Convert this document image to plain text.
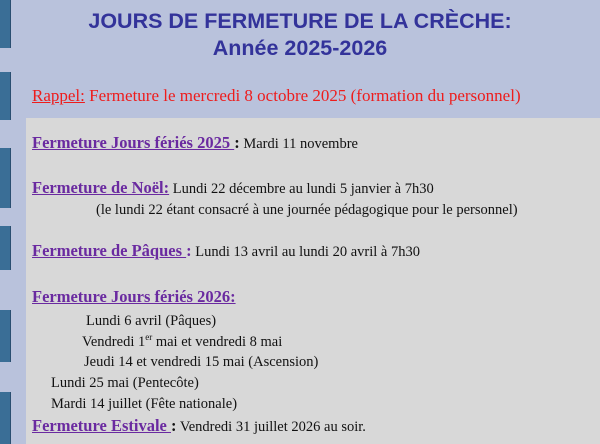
JOURS DE FERMETURE DE LA CRÈCHE:
Année 2025-2026
Rappel: Fermeture le mercredi 8 octobre 2025 (formation du personnel)
Fermeture Jours fériés 2025 : Mardi 11 novembre
Fermeture de Noël: Lundi 22 décembre au lundi 5 janvier à 7h30
(le lundi 22 étant consacré à une journée pédagogique pour le personnel)
Fermeture de Pâques : Lundi 13 avril au lundi 20 avril à 7h30
Fermeture Jours fériés 2026:
Lundi 6 avril (Pâques)
Vendredi 1er mai et vendredi 8 mai
Jeudi 14 et vendredi 15 mai (Ascension)
Lundi 25 mai (Pentecôte)
Mardi 14 juillet (Fête nationale)
Fermeture Estivale : Vendredi 31 juillet 2026 au soir.
